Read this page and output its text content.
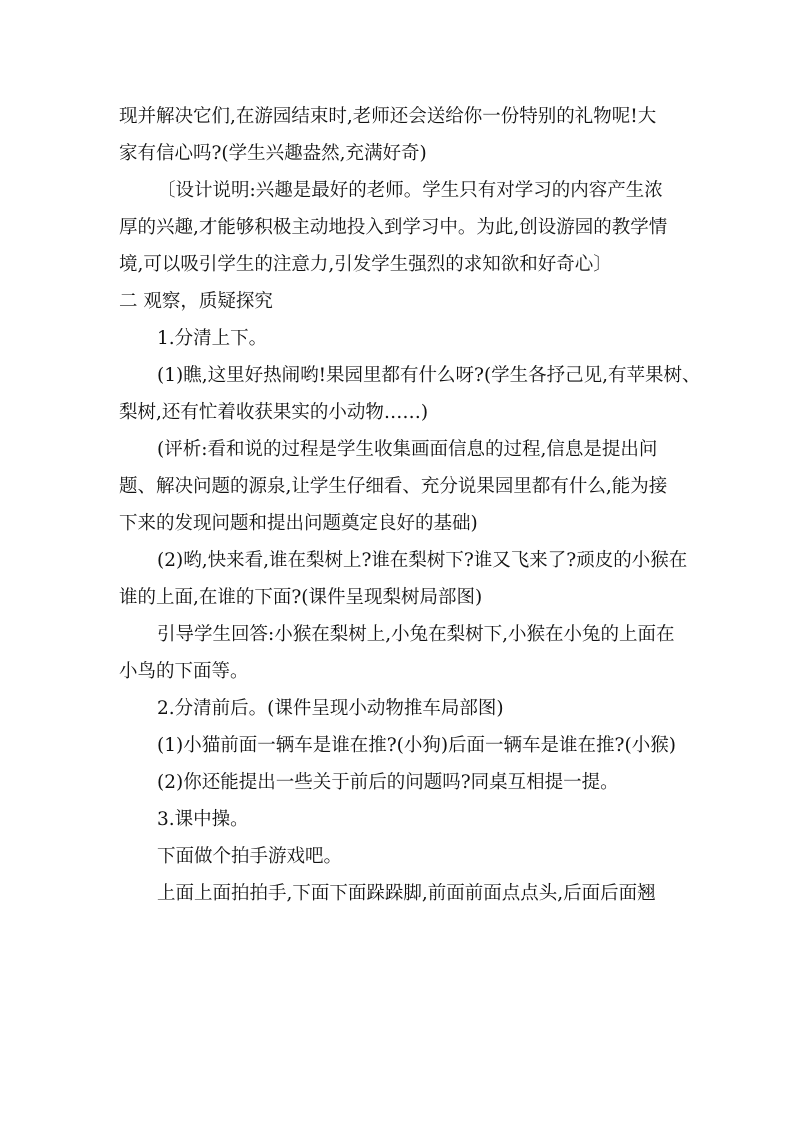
现并解决它们,在游园结束时,老师还会送给你一份特别的礼物呢!大
家有信心吗?(学生兴趣盎然,充满好奇)
〔设计说明:兴趣是最好的老师。学生只有对学习的内容产生浓
厚的兴趣,才能够积极主动地投入到学习中。为此,创设游园的教学情
境,可以吸引学生的注意力,引发学生强烈的求知欲和好奇心〕
二 观察，质疑探究
1.分清上下。
(1)瞧,这里好热闹哟!果园里都有什么呀?(学生各抒己见,有苹果树、
梨树,还有忙着收获果实的小动物……)
(评析:看和说的过程是学生收集画面信息的过程,信息是提出问
题、解决问题的源泉,让学生仔细看、充分说果园里都有什么,能为接
下来的发现问题和提出问题奠定良好的基础)
(2)哟,快来看,谁在梨树上?谁在梨树下?谁又飞来了?顽皮的小猴在
谁的上面,在谁的下面?(课件呈现梨树局部图)
引导学生回答:小猴在梨树上,小兔在梨树下,小猴在小兔的上面在
小鸟的下面等。
2.分清前后。(课件呈现小动物推车局部图)
(1)小猫前面一辆车是谁在推?(小狗)后面一辆车是谁在推?(小猴)
(2)你还能提出一些关于前后的问题吗?同桌互相提一提。
3.课中操。
下面做个拍手游戏吧。
上面上面拍拍手,下面下面跺跺脚,前面前面点点头,后面后面翘
